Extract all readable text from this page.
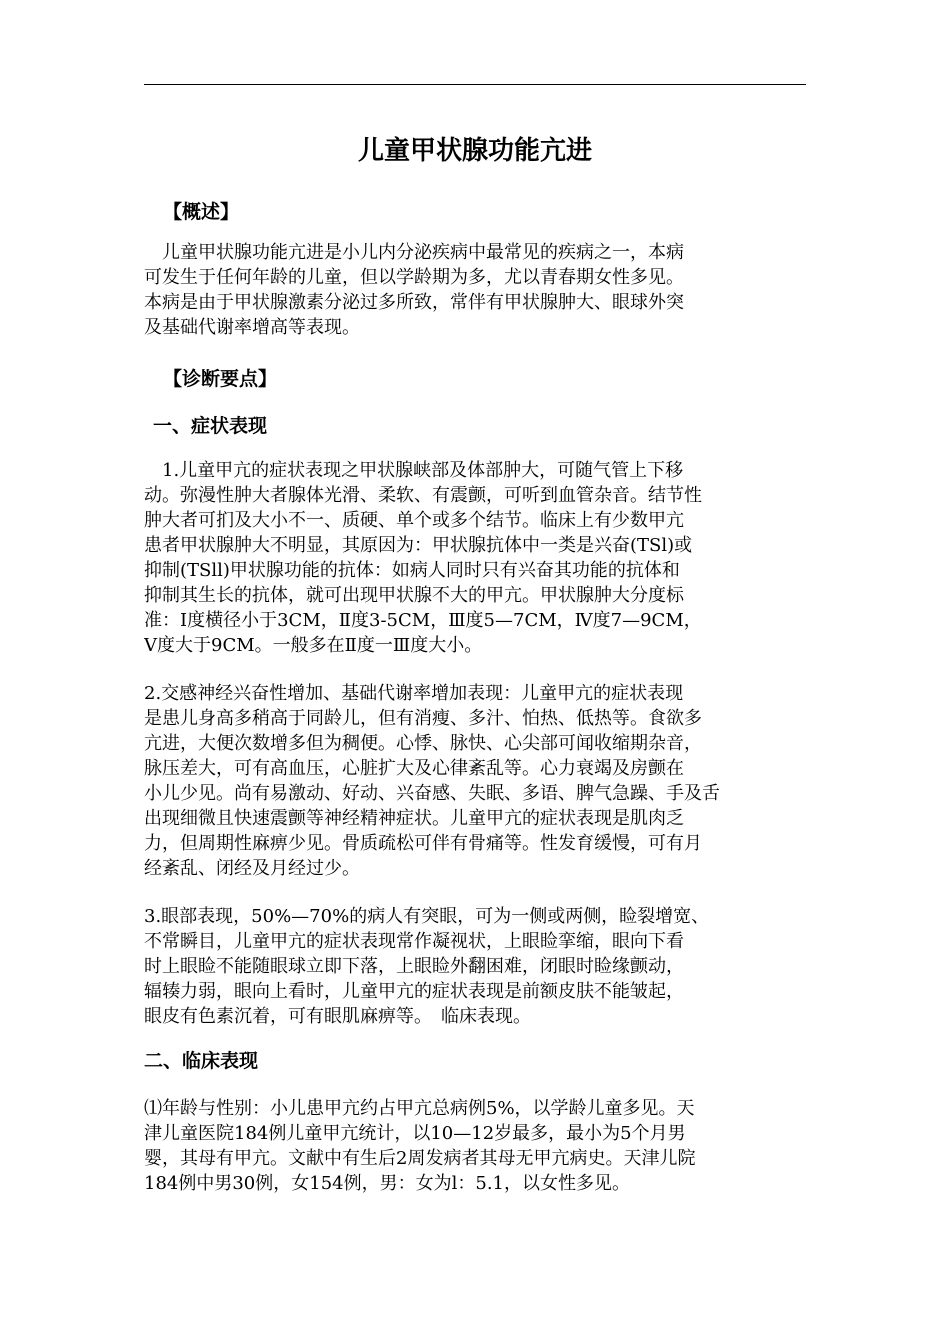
儿童甲状腺功能亢进
【概述】
　儿童甲状腺功能亢进是小儿内分泌疾病中最常见的疾病之一，本病
可发生于任何年龄的儿童，但以学龄期为多，尤以青春期女性多见。
本病是由于甲状腺激素分泌过多所致，常伴有甲状腺肿大、眼球外突
及基础代谢率增高等表现。
【诊断要点】
一、症状表现
　1.儿童甲亢的症状表现之甲状腺峡部及体部肿大，可随气管上下移
动。弥漫性肿大者腺体光滑、柔软、有震颤，可听到血管杂音。结节性
肿大者可扪及大小不一、质硬、单个或多个结节。临床上有少数甲亢
患者甲状腺肿大不明显，其原因为：甲状腺抗体中一类是兴奋(TSl)或
抑制(TSll)甲状腺功能的抗体：如病人同时只有兴奋其功能的抗体和
抑制其生长的抗体，就可出现甲状腺不大的甲亢。甲状腺肿大分度标
准：Ⅰ度横径小于3CM，Ⅱ度3-5CM，Ⅲ度5—7CM，Ⅳ度7—9CM，
Ⅴ度大于9CM。一般多在Ⅱ度一Ⅲ度大小。
2.交感神经兴奋性增加、基础代谢率增加表现：儿童甲亢的症状表现
是患儿身高多稍高于同龄儿，但有消瘦、多汁、怕热、低热等。食欲多
亢进，大便次数增多但为稠便。心悸、脉快、心尖部可闻收缩期杂音，
脉压差大，可有高血压，心脏扩大及心律紊乱等。心力衰竭及房颤在
小儿少见。尚有易激动、好动、兴奋感、失眠、多语、脾气急躁、手及舌
出现细微且快速震颤等神经精神症状。儿童甲亢的症状表现是肌肉乏
力，但周期性麻痹少见。骨质疏松可伴有骨痛等。性发育缓慢，可有月
经紊乱、闭经及月经过少。
3.眼部表现，50%—70%的病人有突眼，可为一侧或两侧，睑裂增宽、
不常瞬目，儿童甲亢的症状表现常作凝视状，上眼睑挛缩，眼向下看
时上眼睑不能随眼球立即下落，上眼睑外翻困难，闭眼时睑缘颤动，
辐辏力弱，眼向上看时，儿童甲亢的症状表现是前额皮肤不能皱起，
眼皮有色素沉着，可有眼肌麻痹等。　临床表现。
二、临床表现
⑴年龄与性别：小儿患甲亢约占甲亢总病例5%，以学龄儿童多见。天
津儿童医院184例儿童甲亢统计，以10—12岁最多，最小为5个月男
婴，其母有甲亢。文献中有生后2周发病者其母无甲亢病史。天津儿院
184例中男30例，女154例，男：女为l：5.1，以女性多见。
